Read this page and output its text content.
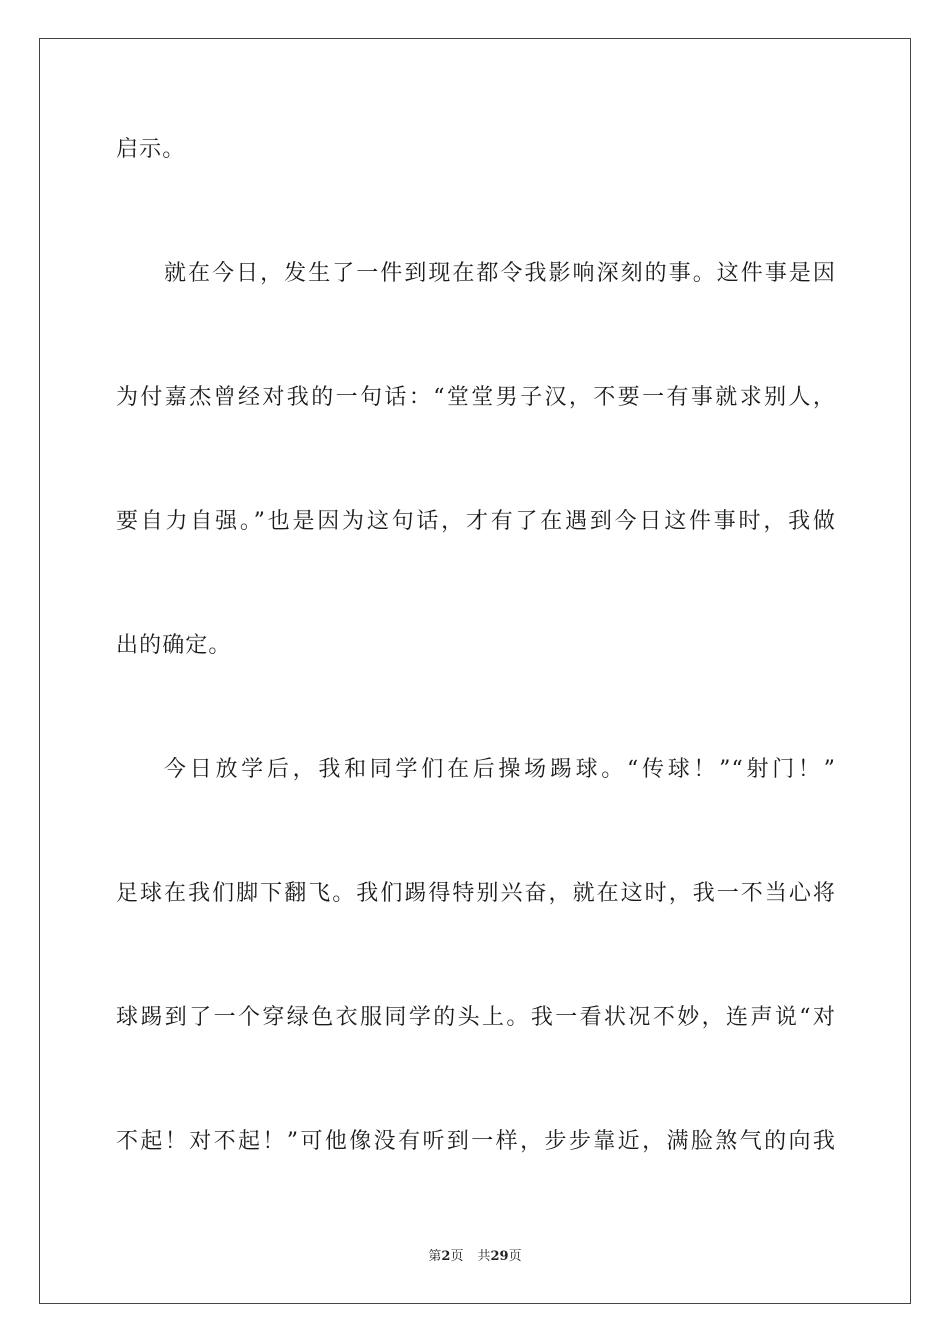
启示。
就在今日，发生了一件到现在都令我影响深刻的事。这件事是因
为付嘉杰曾经对我的一句话：“堂堂男子汉，不要一有事就求别人，
要自力自强。”也是因为这句话，才有了在遇到今日这件事时，我做
出的确定。
今日放学后，我和同学们在后操场踢球。“传球！”“射门！”
足球在我们脚下翻飞。我们踢得特别兴奋，就在这时，我一不当心将
球踢到了一个穿绿色衣服同学的头上。我一看状况不妙，连声说“对
不起！对不起！”可他像没有听到一样，步步靠近，满脸煞气的向我
第2页 共29页
